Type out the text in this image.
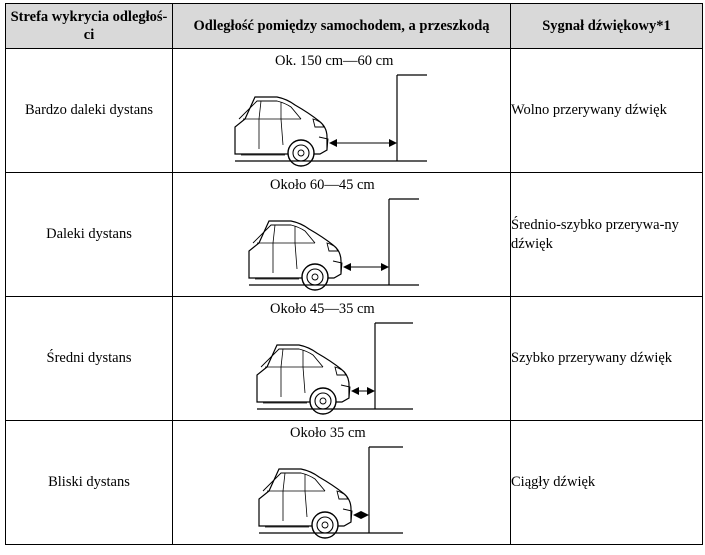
Strefa wykrycia odległoś-ci	Odległość pomiędzy samochodem, a przeszkodą	Sygnał dźwiękowy*1
Bardzo daleki dystans	Ok. 150 cm—60 cm	Wolno przerywany dźwięk
Daleki dystans	Około 60—45 cm	Średnio-szybko przerywa-ny dźwięk
Średni dystans	Około 45—35 cm	Szybko przerywany dźwięk
Bliski dystans	Około 35 cm	Ciągły dźwięk
